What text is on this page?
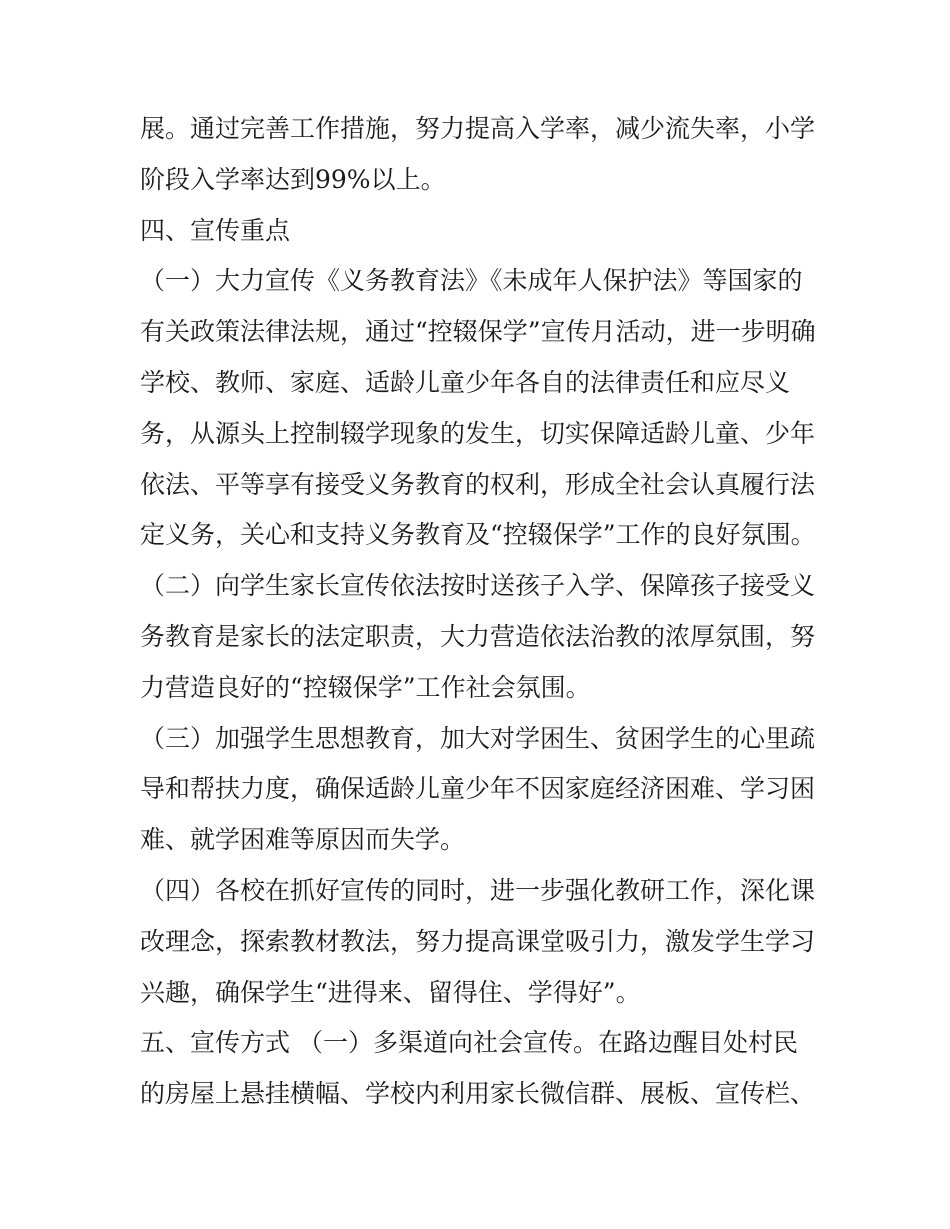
展。通过完善工作措施，努力提高入学率，减少流失率，小学
阶段入学率达到99%以上。
四、宣传重点
（一）大力宣传《义务教育法》《未成年人保护法》等国家的
有关政策法律法规，通过“控辍保学”宣传月活动，进一步明确
学校、教师、家庭、适龄儿童少年各自的法律责任和应尽义
务，从源头上控制辍学现象的发生，切实保障适龄儿童、少年
依法、平等享有接受义务教育的权利，形成全社会认真履行法
定义务，关心和支持义务教育及“控辍保学”工作的良好氛围。
（二）向学生家长宣传依法按时送孩子入学、保障孩子接受义
务教育是家长的法定职责，大力营造依法治教的浓厚氛围，努
力营造良好的“控辍保学”工作社会氛围。
（三）加强学生思想教育，加大对学困生、贫困学生的心里疏
导和帮扶力度，确保适龄儿童少年不因家庭经济困难、学习困
难、就学困难等原因而失学。
（四）各校在抓好宣传的同时，进一步强化教研工作，深化课
改理念，探索教材教法，努力提高课堂吸引力，激发学生学习
兴趣，确保学生“进得来、留得住、学得好”。
五、宣传方式 （一）多渠道向社会宣传。在路边醒目处村民
的房屋上悬挂横幅、学校内利用家长微信群、展板、宣传栏、
